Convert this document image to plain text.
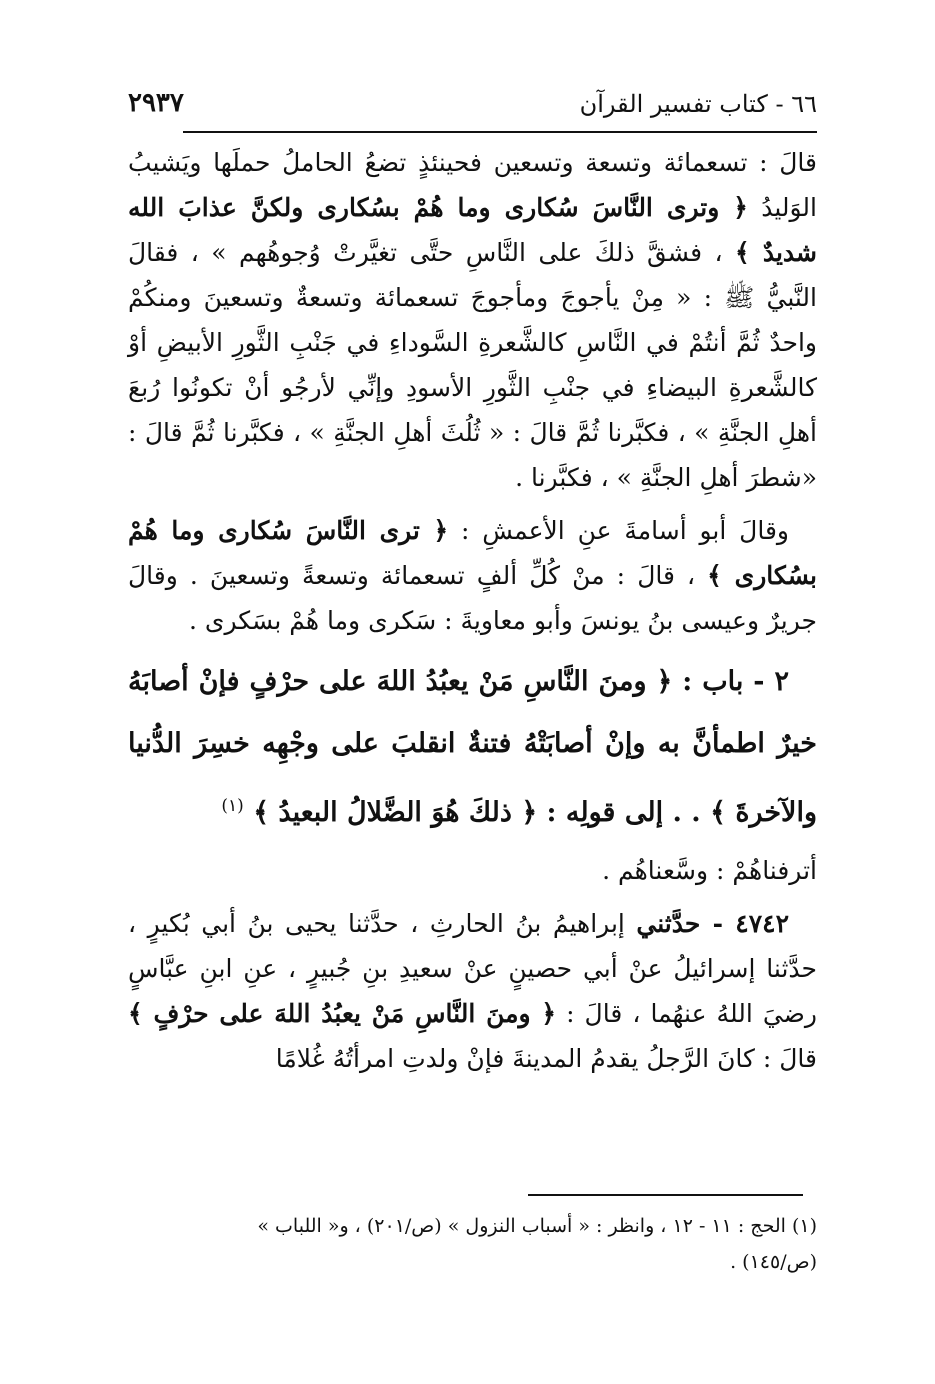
٦٦ - كتاب تفسير القرآن
٢٩٣٧

قالَ : تسعمائة وتسعة وتسعين فحينئذٍ تضعُ الحاملُ حملَها ويَشيبُ الوَليدُ ﴿ وترى النَّاسَ سُكارى وما هُمْ بسُكارى ولكنَّ عذابَ الله شديدٌ ﴾ ، فشقَّ ذلكَ على النَّاسِ حتَّى تغيَّرتْ وُجوهُهم » ، فقالَ النَّبيُّ ﷺ : « مِنْ يأجوجَ ومأجوجَ تسعمائة وتسعةٌ وتسعينَ ومنكُمْ واحدٌ ثُمَّ أنتُمْ في النَّاسِ كالشَّعرةِ السَّوداءِ في جَنْبِ الثَّورِ الأبيضِ أوْ كالشَّعرةِ البيضاءِ في جنْبِ الثَّورِ الأسودِ وإنِّي لأرجُو أنْ تكونُوا رُبعَ أهلِ الجنَّةِ » ، فكبَّرنا ثُمَّ قالَ : « ثُلُثَ أهلِ الجنَّةِ » ، فكبَّرنا ثُمَّ قالَ : «شطرَ أهلِ الجنَّةِ » ، فكبَّرنا .

وقالَ أبو أسامةَ عنِ الأعمشِ : ﴿ ترى النَّاسَ سُكارى وما هُمْ بسُكارى ﴾ ، قالَ : منْ كُلِّ ألفٍ تسعمائة وتسعةً وتسعينَ . وقالَ جريرٌ وعيسى بنُ يونسَ وأبو معاويةَ : سَكرى وما هُمْ بسَكرى .

٢ - باب : ﴿ ومنَ النَّاسِ مَنْ يعبُدُ اللهَ على حرْفٍ فإنْ أصابَهُ خيرٌ اطمأنَّ به وإنْ أصابَتْهُ فتنةٌ انقلبَ على وجْهِه خسِرَ الدُّنيا والآخرةَ ﴾ . . إلى قولِه : ﴿ ذلكَ هُوَ الضَّلالُ البعيدُ ﴾ $^{(١)}$

أترفناهُمْ : وسَّعناهُم .

٤٧٤٢ - حدَّثني إبراهيمُ بنُ الحارثِ ، حدَّثنا يحيى بنُ أبي بُكيرٍ ، حدَّثنا إسرائيلُ عنْ أبي حصينٍ عنْ سعيدِ بنِ جُبيرٍ ، عنِ ابنِ عبَّاسٍ رضيَ اللهُ عنهُما ، قالَ : ﴿ ومنَ النَّاسِ مَنْ يعبُدُ اللهَ على حرْفٍ ﴾ قالَ : كانَ الرَّجلُ يقدمُ المدينةَ فإنْ ولدتِ امرأتُهُ غُلامًا

(١) الحج : ١١ - ١٢ ، وانظر : « أسباب النزول » (ص/٢٠١) ، و« اللباب »

(ص/١٤٥) .
